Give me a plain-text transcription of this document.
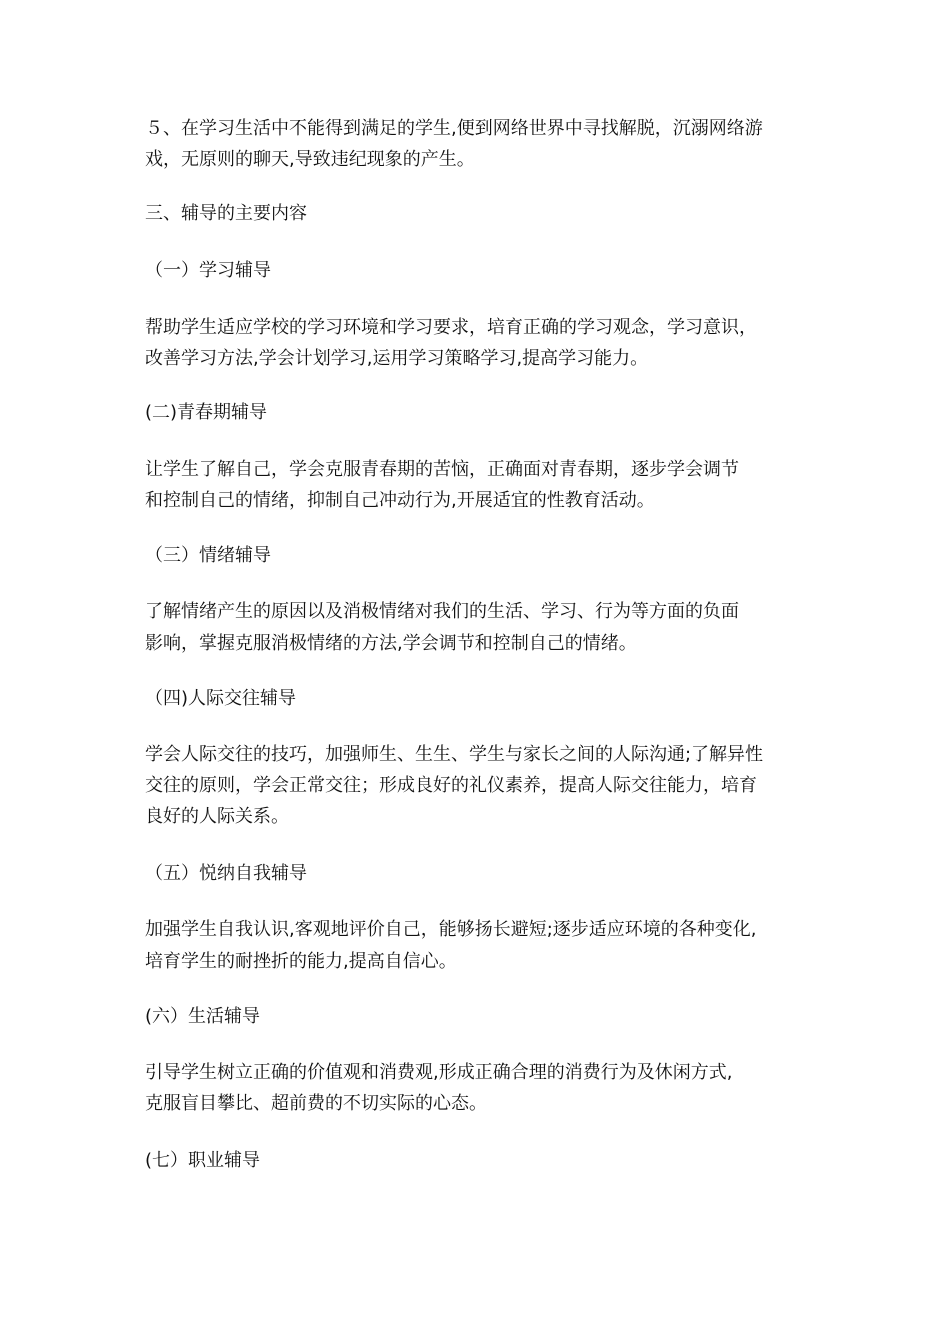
５、在学习生活中不能得到满足的学生,便到网络世界中寻找解脱，沉溺网络游
戏，无原则的聊天,导致违纪现象的产生。
三、辅导的主要内容
（一）学习辅导
帮助学生适应学校的学习环境和学习要求，培育正确的学习观念，学习意识，
改善学习方法,学会计划学习,运用学习策略学习,提高学习能力。
(二)青春期辅导
让学生了解自己，学会克服青春期的苦恼，正确面对青春期，逐步学会调节
和控制自己的情绪，抑制自己冲动行为,开展适宜的性教育活动。
（三）情绪辅导
了解情绪产生的原因以及消极情绪对我们的生活、学习、行为等方面的负面
影响，掌握克服消极情绪的方法,学会调节和控制自己的情绪。
（四)人际交往辅导
学会人际交往的技巧，加强师生、生生、学生与家长之间的人际沟通;了解异性
交往的原则，学会正常交往；形成良好的礼仪素养，提高人际交往能力，培育
良好的人际关系。
（五）悦纳自我辅导
加强学生自我认识,客观地评价自己，能够扬长避短;逐步适应环境的各种变化,
培育学生的耐挫折的能力,提高自信心。
(六）生活辅导
引导学生树立正确的价值观和消费观,形成正确合理的消费行为及休闲方式,
克服盲目攀比、超前费的不切实际的心态。
(七）职业辅导
